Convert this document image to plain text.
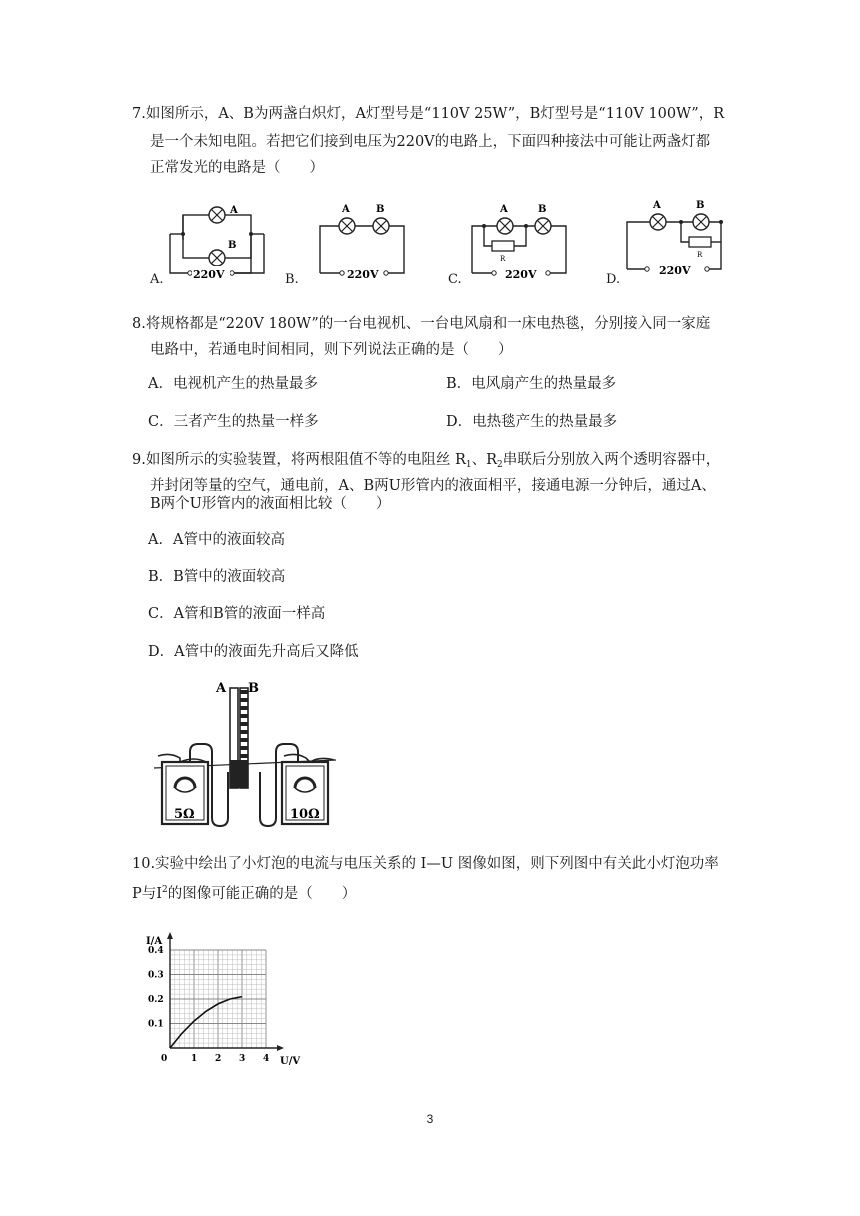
7.如图所示，A、B为两盏白炽灯，A灯型号是“110V 25W”，B灯型号是“110V 100W”，R
是一个未知电阻。若把它们接到电压为220V的电路上，下面四种接法中可能让两盏灯都
正常发光的电路是（　　）
A
B
220V
A.
A	B
220V
B.
A	B
R
220V
C.
A	B
R
220V
D.
8.将规格都是“220V 180W”的一台电视机、一台电风扇和一床电热毯，分别接入同一家庭
电路中，若通电时间相同，则下列说法正确的是（　　）
A．电视机产生的热量最多	B．电风扇产生的热量最多
C．三者产生的热量一样多	D．电热毯产生的热量最多
9.如图所示的实验装置，将两根阻值不等的电阻丝 $R_1$、$R_2$串联后分别放入两个透明容器中，
并封闭等量的空气，通电前，A、B两U形管内的液面相平，接通电源一分钟后，通过A、
B两个U形管内的液面相比较（　　）
A．A管中的液面较高
B．B管中的液面较高
C．A管和B管的液面一样高
D．A管中的液面先升高后又降低
A B
5Ω	10Ω
10.实验中绘出了小灯泡的电流与电压关系的 I—U 图像如图，则下列图中有关此小灯泡功率
P与$I^2$的图像可能正确的是（　　）
I/A
U/V
0	1 2 3 4
0.1
0.2
0.3
0.4
3
